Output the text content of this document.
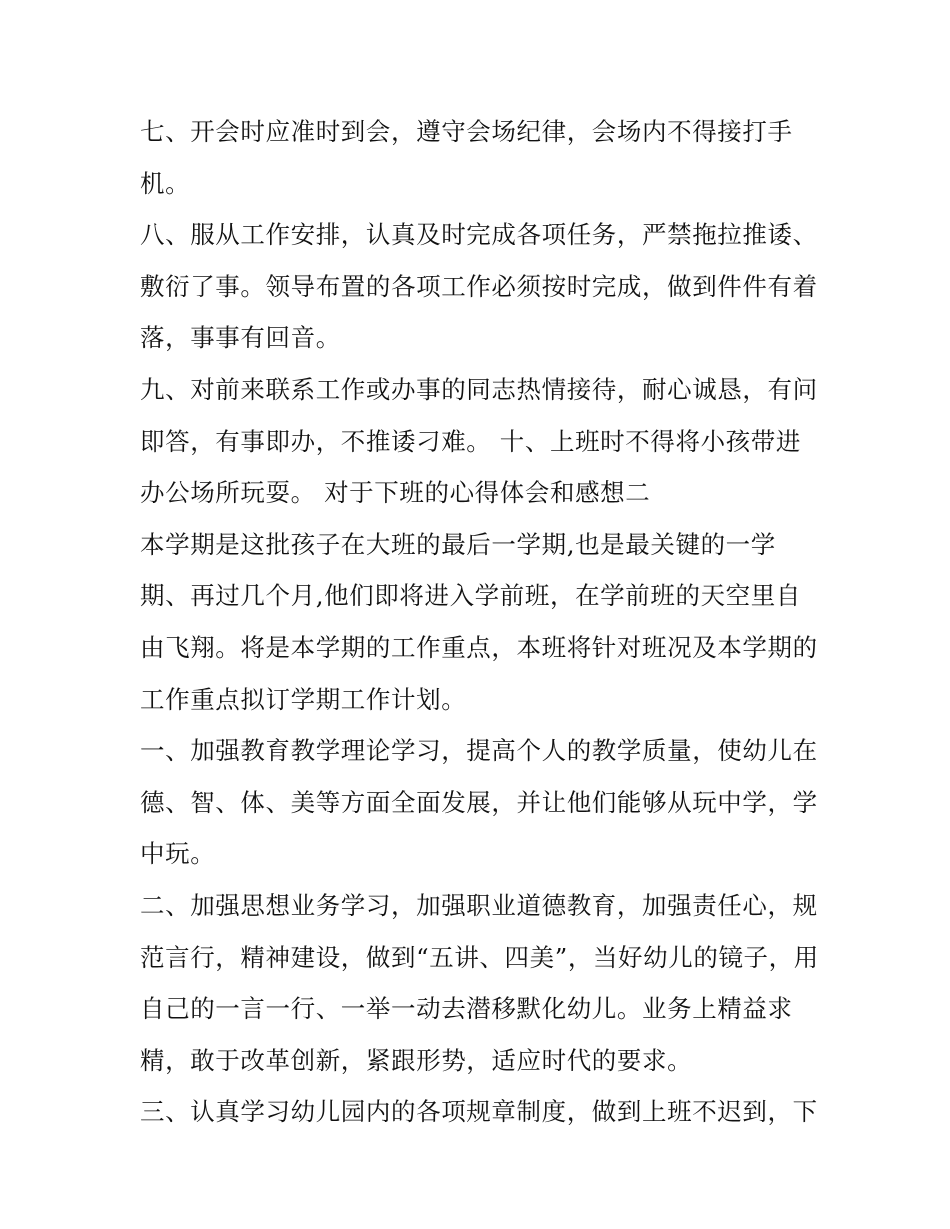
七、开会时应准时到会，遵守会场纪律，会场内不得接打手
机。
八、服从工作安排，认真及时完成各项任务，严禁拖拉推诿、
敷衍了事。领导布置的各项工作必须按时完成，做到件件有着
落，事事有回音。
九、对前来联系工作或办事的同志热情接待，耐心诚恳，有问
即答，有事即办，不推诿刁难。 十、上班时不得将小孩带进
办公场所玩耍。 对于下班的心得体会和感想二
本学期是这批孩子在大班的最后一学期,也是最关键的一学
期、再过几个月,他们即将进入学前班，在学前班的天空里自
由飞翔。将是本学期的工作重点，本班将针对班况及本学期的
工作重点拟订学期工作计划。
一、加强教育教学理论学习，提高个人的教学质量，使幼儿在
德、智、体、美等方面全面发展，并让他们能够从玩中学，学
中玩。
二、加强思想业务学习，加强职业道德教育，加强责任心，规
范言行，精神建设，做到“五讲、四美”，当好幼儿的镜子，用
自己的一言一行、一举一动去潜移默化幼儿。业务上精益求
精，敢于改革创新，紧跟形势，适应时代的要求。
三、认真学习幼儿园内的各项规章制度，做到上班不迟到，下
